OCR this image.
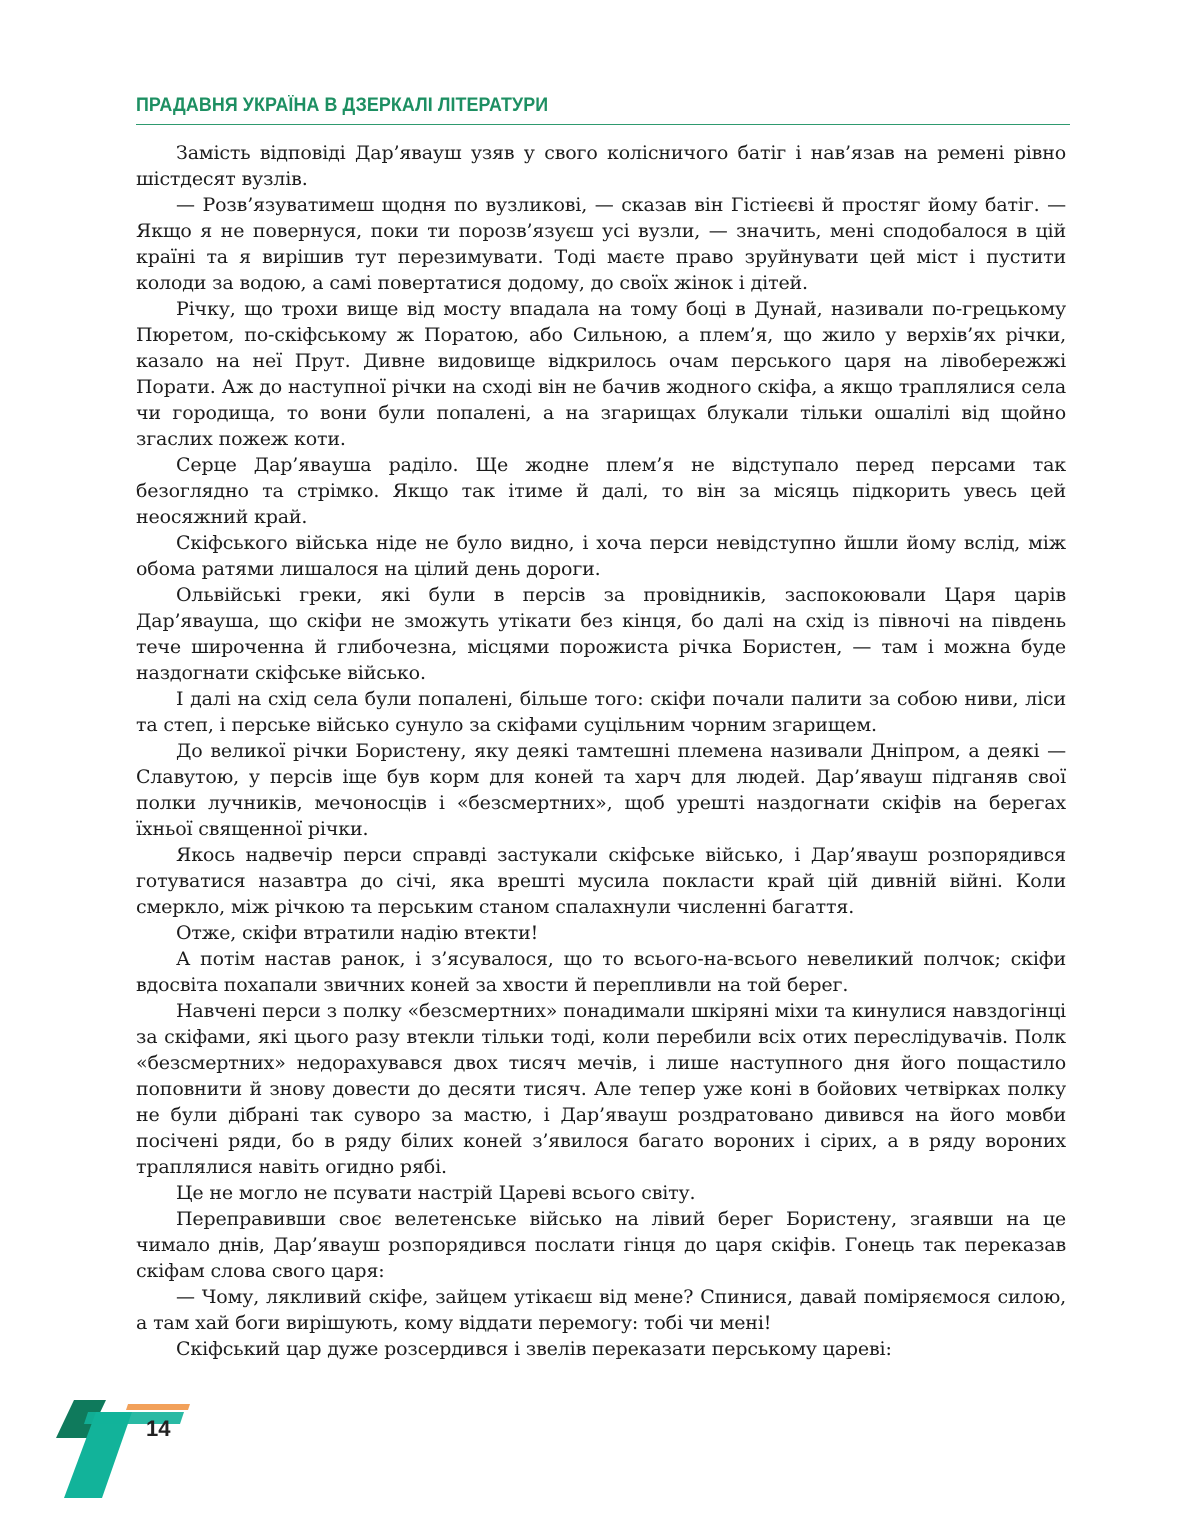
ПРАДАВНЯ УКРАЇНА В ДЗЕРКАЛІ ЛІТЕРАТУРИ

Замість відповіді Дар’явауш узяв у свого колісничого батіг і нав’язав на ремені рівно шістдесят вузлів.

— Розв’язуватимеш щодня по вузликові, — сказав він Гістіеєві й простяг йому батіг. — Якщо я не повернуся, поки ти порозв’язуєш усі вузли, — значить, мені сподобалося в цій країні та я вирішив тут перезимувати. Тоді маєте право зруйнувати цей міст і пустити колоди за водою, а самі повертатися додому, до своїх жінок і дітей.

Річку, що трохи вище від мосту впадала на тому боці в Дунай, називали по-грецькому Пюретом, по-скіфському ж Поратою, або Сильною, а плем’я, що жило у верхів’ях річки, казало на неї Прут. Дивне видовище відкрилось очам перського царя на лівобережжі Порати. Аж до наступної річки на сході він не бачив жодного скіфа, а якщо траплялися села чи городища, то вони були попалені, а на згарищах блукали тільки ошалілі від щойно згаслих пожеж коти.

Серце Дар’явауша раділо. Ще жодне плем’я не відступало перед персами так безоглядно та стрімко. Якщо так ітиме й далі, то він за місяць підкорить увесь цей неосяжний край.

Скіфського війська ніде не було видно, і хоча перси невідступно йшли йому вслід, між обома ратями лишалося на цілий день дороги.

Ольвійські греки, які були в персів за провідників, заспокоювали Царя царів Дар’явауша, що скіфи не зможуть утікати без кінця, бо далі на схід із півночі на південь тече широченна й глибочезна, місцями порожиста річка Бористен, — там і можна буде наздогнати скіфське військо.

І далі на схід села були попалені, більше того: скіфи почали палити за собою ниви, ліси та степ, і перське військо сунуло за скіфами суцільним чорним згарищем.

До великої річки Бористену, яку деякі тамтешні племена називали Дніпром, а деякі — Славутою, у персів іще був корм для коней та харч для людей. Дар’явауш підганяв свої полки лучників, мечоносців і «безсмертних», щоб урешті наздогнати скіфів на берегах їхньої священної річки.

Якось надвечір перси справді застукали скіфське військо, і Дар’явауш розпорядився готуватися назавтра до січі, яка врешті мусила покласти край цій дивній війні. Коли смеркло, між річкою та перським станом спалахнули численні багаття.

Отже, скіфи втратили надію втекти!

А потім настав ранок, і з’ясувалося, що то всього-на-всього невеликий полчок; скіфи вдосвіта похапали звичних коней за хвости й перепливли на той берег.

Навчені перси з полку «безсмертних» понадимали шкіряні міхи та кинулися навздогінці за скіфами, які цього разу втекли тільки тоді, коли перебили всіх отих переслідувачів. Полк «безсмертних» недорахувався двох тисяч мечів, і лише наступного дня його пощастило поповнити й знову довести до десяти тисяч. Але тепер уже коні в бойових четвірках полку не були дібрані так суворо за мастю, і Дар’явауш роздратовано дивився на його мовби посічені ряди, бо в ряду білих коней з’явилося багато вороних і сірих, а в ряду вороних траплялися навіть огидно рябі.

Це не могло не псувати настрій Цареві всього світу.

Переправивши своє велетенське військо на лівий берег Бористену, згаявши на це чимало днів, Дар’явауш розпорядився послати гінця до царя скіфів. Гонець так переказав скіфам слова свого царя:

— Чому, лякливий скіфе, зайцем утікаєш від мене? Спинися, давай поміряємося силою, а там хай боги вирішують, кому віддати перемогу: тобі чи мені!

Скіфський цар дуже розсердився і звелів переказати перському цареві:

14
